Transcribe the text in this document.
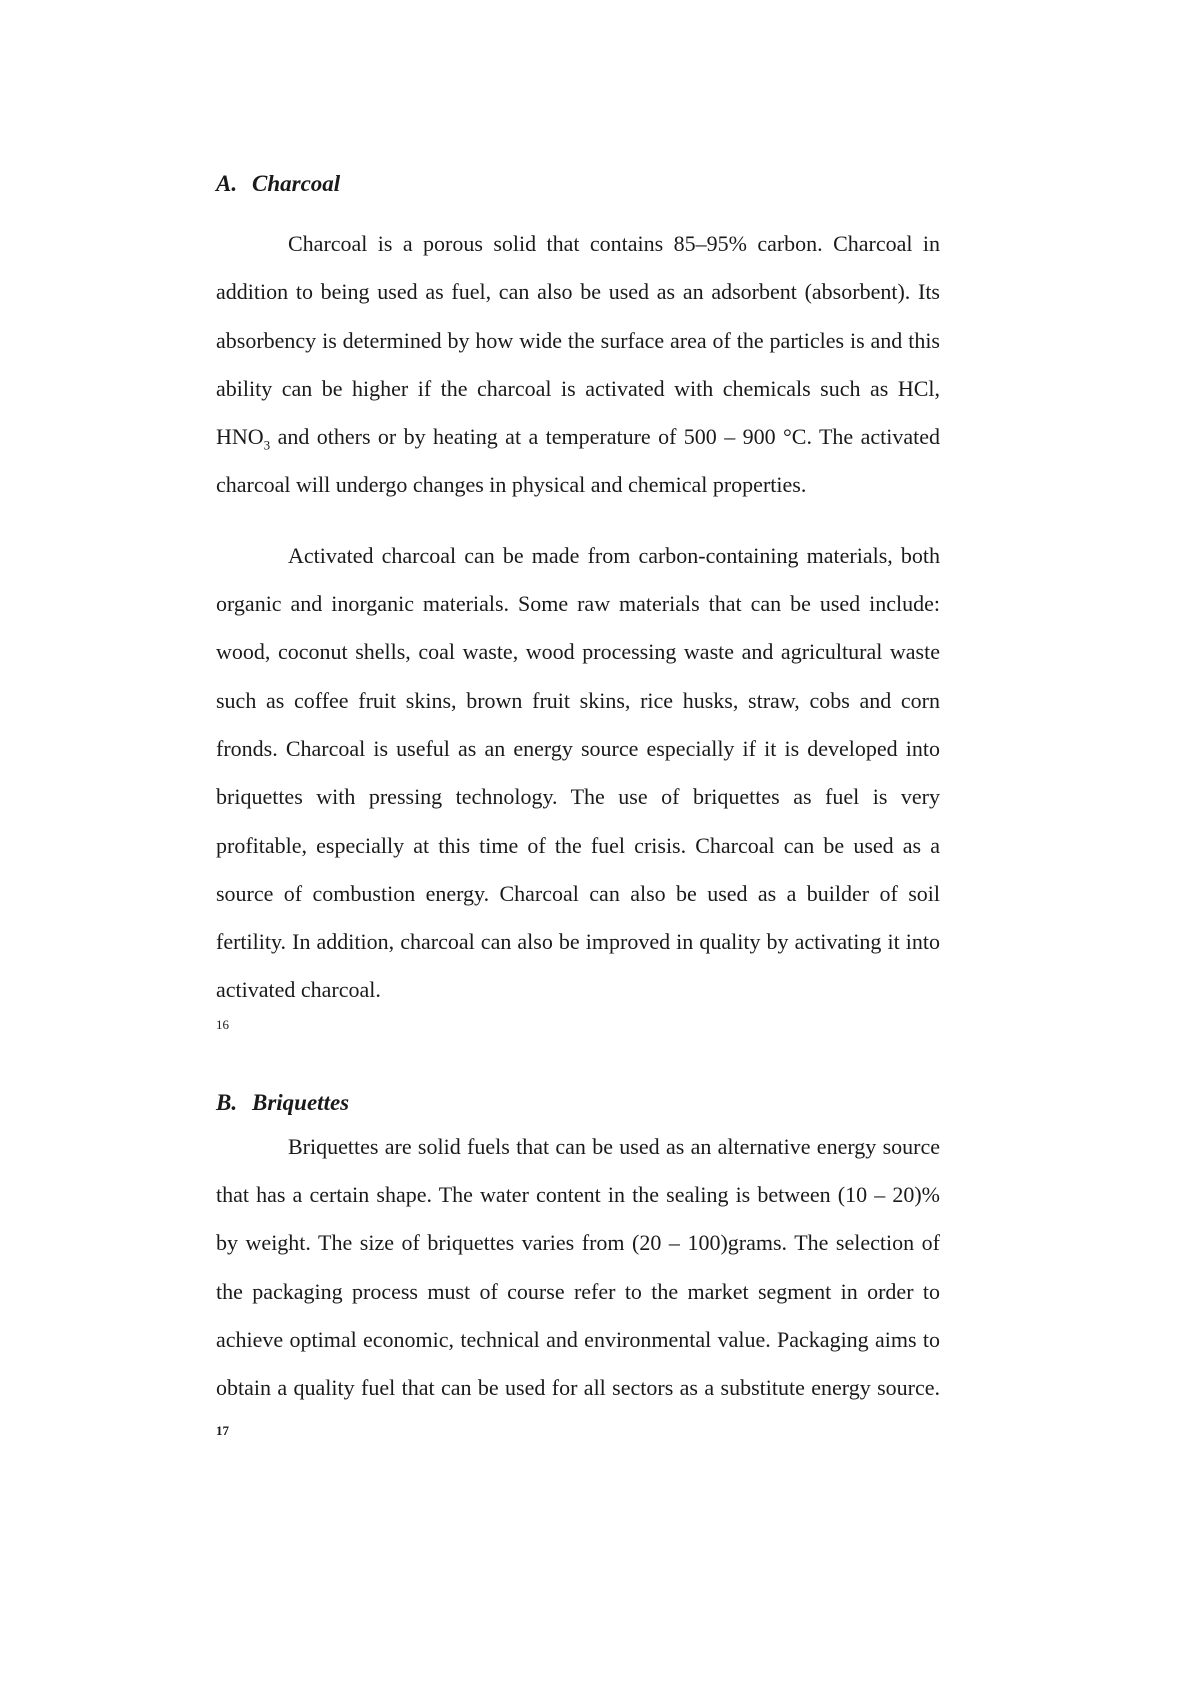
A. Charcoal

Charcoal is a porous solid that contains 85–95% carbon. Charcoal in addition to being used as fuel, can also be used as an adsorbent (absorbent). Its absorbency is determined by how wide the surface area of the particles is and this ability can be higher if the charcoal is activated with chemicals such as HCl, $HNO_3$ and others or by heating at a temperature of 500 – 900 °C. The activated charcoal will undergo changes in physical and chemical properties.

Activated charcoal can be made from carbon-containing materials, both organic and inorganic materials. Some raw materials that can be used include: wood, coconut shells, coal waste, wood processing waste and agricultural waste such as coffee fruit skins, brown fruit skins, rice husks, straw, cobs and corn fronds. Charcoal is useful as an energy source especially if it is developed into briquettes with pressing technology. The use of briquettes as fuel is very profitable, especially at this time of the fuel crisis. Charcoal can be used as a source of combustion energy. Charcoal can also be used as a builder of soil fertility. In addition, charcoal can also be improved in quality by activating it into activated charcoal.

16
B. Briquettes

Briquettes are solid fuels that can be used as an alternative energy source that has a certain shape. The water content in the sealing is between (10 – 20)% by weight. The size of briquettes varies from (20 – 100)grams. The selection of the packaging process must of course refer to the market segment in order to achieve optimal economic, technical and environmental value. Packaging aims to obtain a quality fuel that can be used for all sectors as a substitute energy source. $^{17}$
